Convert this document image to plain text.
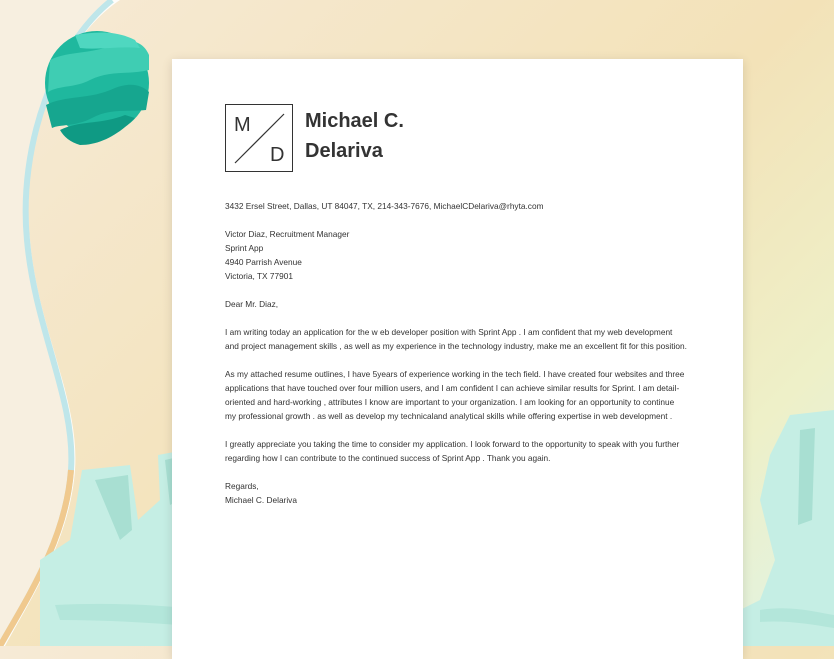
M
D
Michael C.
Delariva

3432 Ersel Street, Dallas, UT 84047, TX, 214-343-7676, MichaelCDelariva@rhyta.com

Victor Diaz, Recruitment Manager
Sprint App
4940 Parrish Avenue
Victoria, TX 77901

Dear Mr. Diaz,

I am writing today an application for the w eb developer position with Sprint App . I am confident that my web development and project management skills , as well as my experience in the technology industry, make me an excellent fit for this position.

As my attached resume outlines, I have 5years of experience working in the tech field. I have created four websites and three applications that have touched over four million users, and I am confident I can achieve similar results for Sprint. I am detail-oriented and hard-working , attributes I know are important to your organization. I am looking for an opportunity to continue my professional growth . as well as develop my technicaland analytical skills while offering expertise in web development .

I greatly appreciate you taking the time to consider my application. I look forward to the opportunity to speak with you further regarding how I can contribute to the continued success of Sprint App . Thank you again.

Regards,
Michael C. Delariva
